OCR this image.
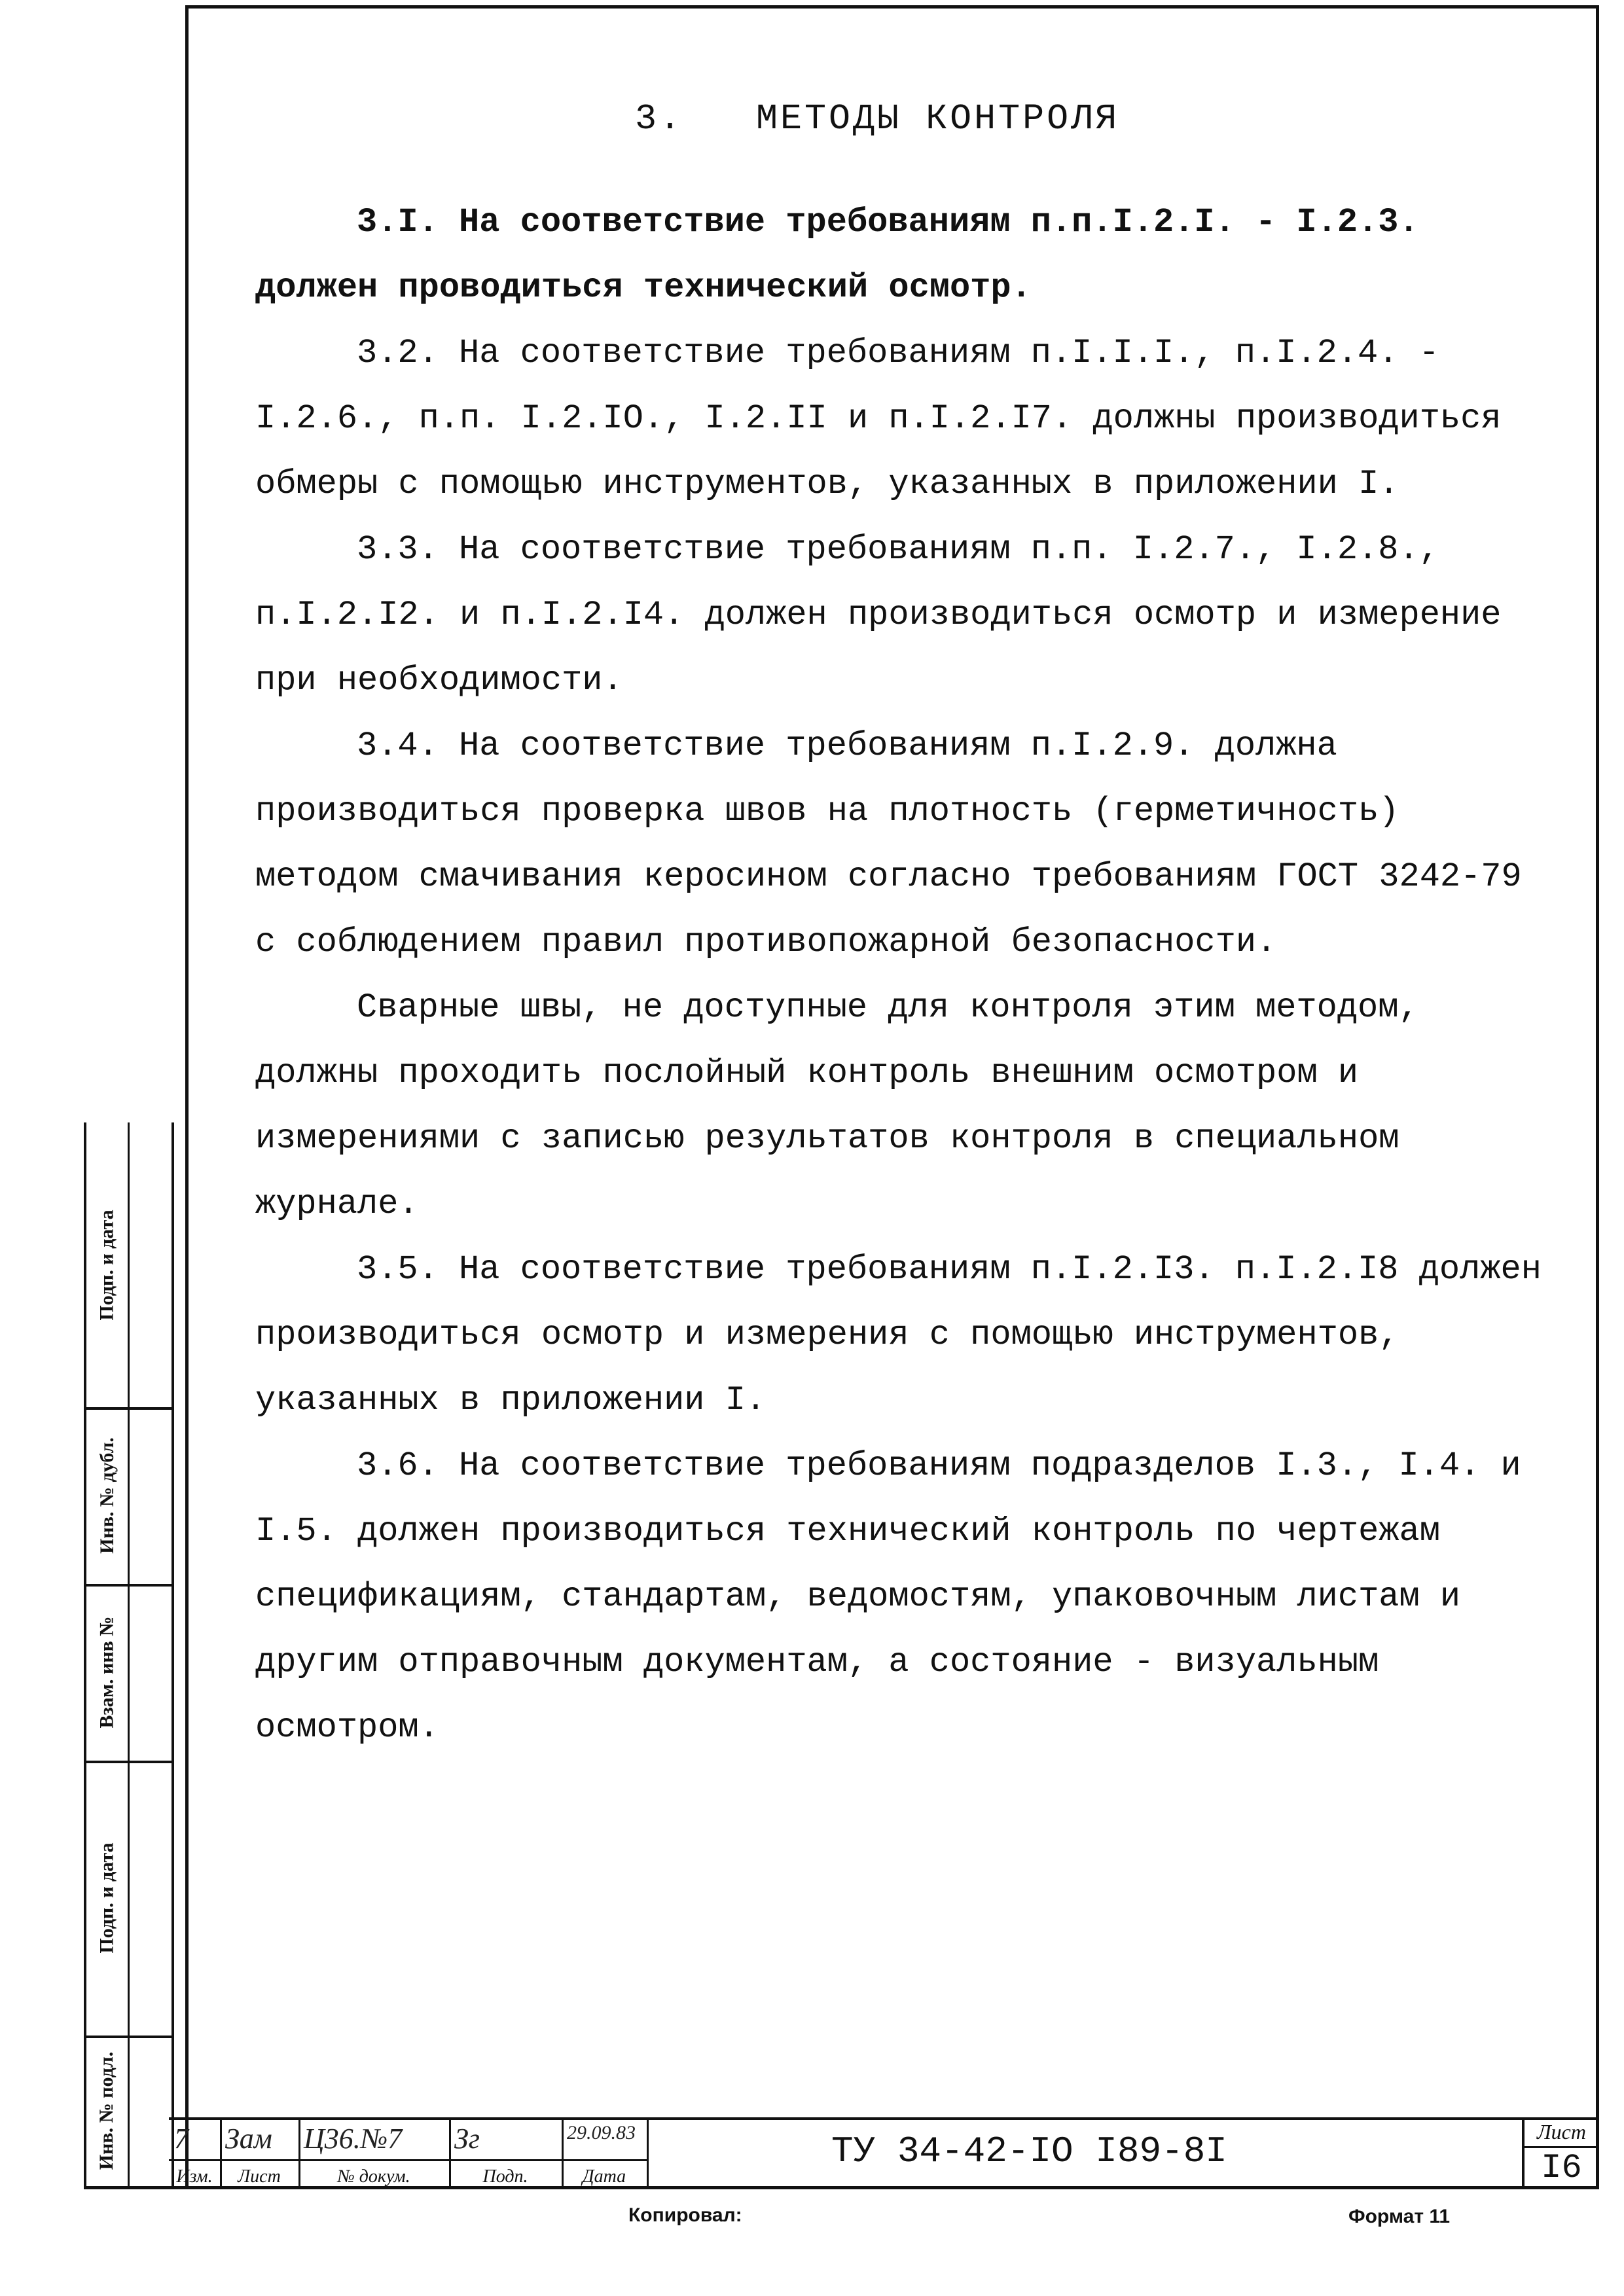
3.   МЕТОДЫ КОНТРОЛЯ

3.I. На соответствие требованиям п.п.I.2.I. - I.2.3. должен проводиться технический осмотр.

3.2. На соответствие требованиям п.I.I.I., п.I.2.4. - I.2.6., п.п. I.2.IO., I.2.II и п.I.2.I7. должны производиться обмеры с помощью инструментов, указанных в приложении I.

3.3. На соответствие требованиям п.п. I.2.7., I.2.8., п.I.2.I2. и п.I.2.I4. должен производиться осмотр и измерение при необходимости.

3.4. На соответствие требованиям п.I.2.9. должна производиться проверка швов на плотность (герметичность) методом смачивания керосином согласно требованиям ГОСТ 3242-79 с соблюдением правил противопожарной безопасности.

Сварные швы, не доступные для контроля этим методом, должны проходить послойный контроль внешним осмотром и измерениями с записью результатов контроля в специальном журнале.

3.5. На соответствие требованиям п.I.2.I3. п.I.2.I8 должен производиться осмотр и измерения с помощью инструментов, указанных в приложении I.

3.6. На соответствие требованиям подразделов I.3., I.4. и I.5. должен производиться технический контроль по чертежам спецификациям, стандартам, ведомостям, упаковочным листам и другим отправочным документам, а состояние - визуальным осмотром.

Подп. и дата
Инв. № дубл.
Взам. инв №
Подп. и дата
Инв. № подл. 7
Изм.
Зам
Лист
Ц36.№7
№ докум.
Зг
Подп.
29.09.83
Дата
ТУ 34-42-IO I89-8I	Лист
I6
Копировал:	Формат 11
